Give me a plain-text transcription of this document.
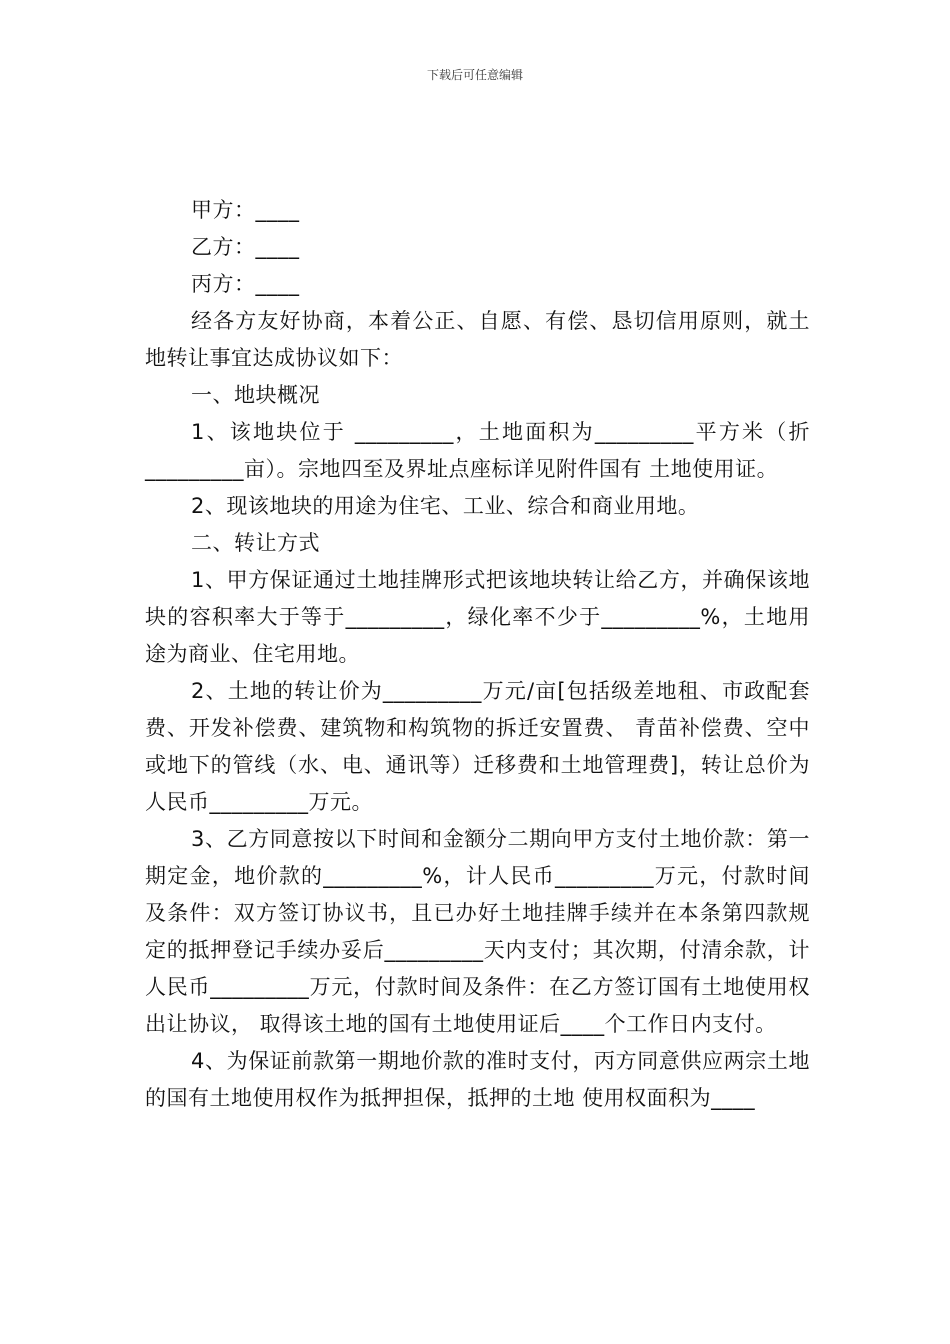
下载后可任意编辑

甲方：____

乙方：____

丙方：____

经各方友好协商，本着公正、自愿、有偿、恳切信用原则，就土地转让事宜达成协议如下：

一、地块概况

1、该地块位于 _________，土地面积为_________平方米（折_________亩）。宗地四至及界址点座标详见附件国有 土地使用证。

2、现该地块的用途为住宅、工业、综合和商业用地。

二、转让方式

1、甲方保证通过土地挂牌形式把该地块转让给乙方，并确保该地块的容积率大于等于_________，绿化率不少于_________%，土地用途为商业、住宅用地。

2、土地的转让价为_________万元/亩[包括级差地租、市政配套费、开发补偿费、建筑物和构筑物的拆迁安置费、 青苗补偿费、空中或地下的管线（水、电、通讯等）迁移费和土地管理费]，转让总价为人民币_________万元。

3、乙方同意按以下时间和金额分二期向甲方支付土地价款：第一期定金，地价款的_________%，计人民币_________万元，付款时间及条件：双方签订协议书，且已办好土地挂牌手续并在本条第四款规定的抵押登记手续办妥后_________天内支付；其次期，付清余款，计人民币_________万元，付款时间及条件：在乙方签订国有土地使用权出让协议， 取得该土地的国有土地使用证后____个工作日内支付。

4、为保证前款第一期地价款的准时支付，丙方同意供应两宗土地的国有土地使用权作为抵押担保，抵押的土地 使用权面积为____
